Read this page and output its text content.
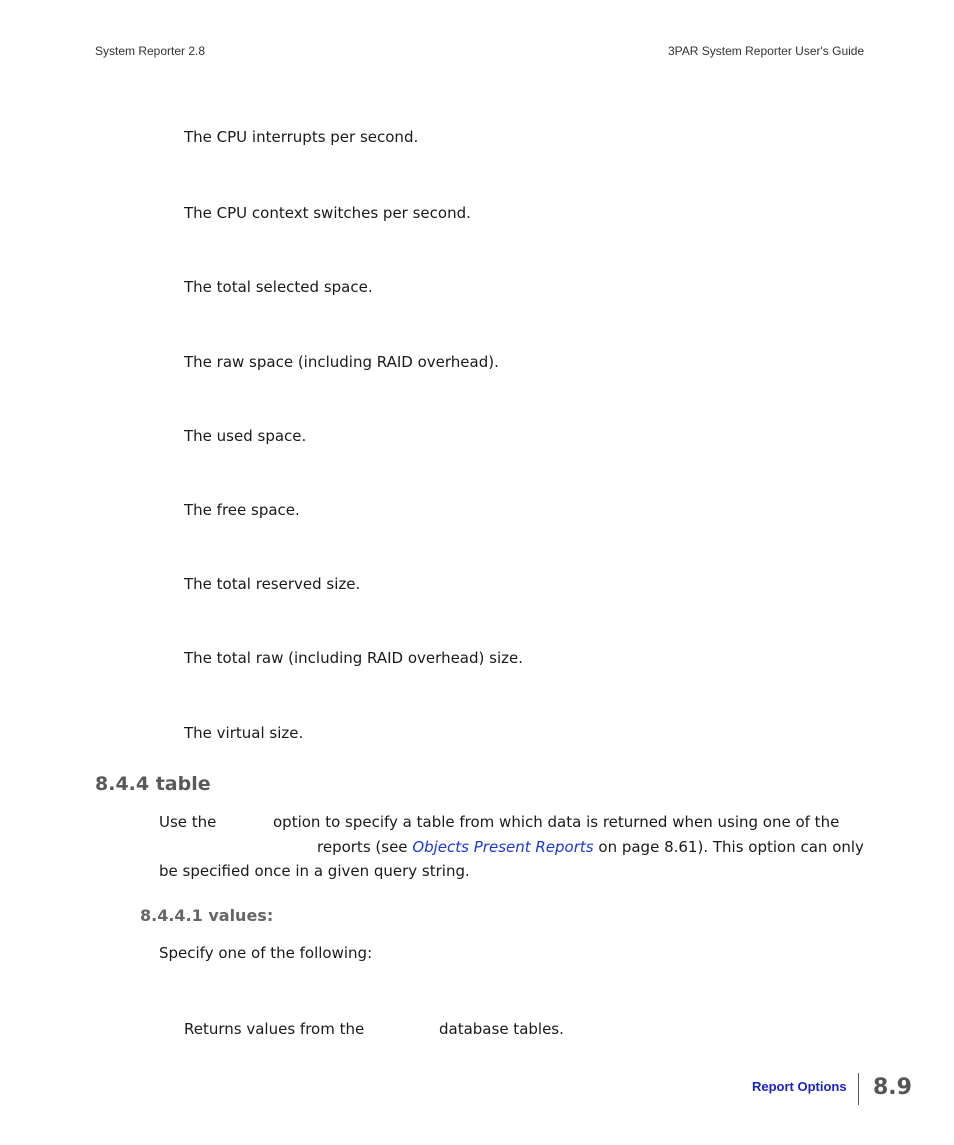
System Reporter 2.8	3PAR System Reporter User's Guide
The CPU interrupts per second.
The CPU context switches per second.
The total selected space.
The raw space (including RAID overhead).
The used space.
The free space.
The total reserved size.
The total raw (including RAID overhead) size.
The virtual size.
8.4.4 table
Use the	option to specify a table from which data is returned when using one of the
reports (see Objects Present Reports on page 8.61). This option can only
be specified once in a given query string.
8.4.4.1 values:
Specify one of the following:
Returns values from the	database tables.
Report Options 8.9
